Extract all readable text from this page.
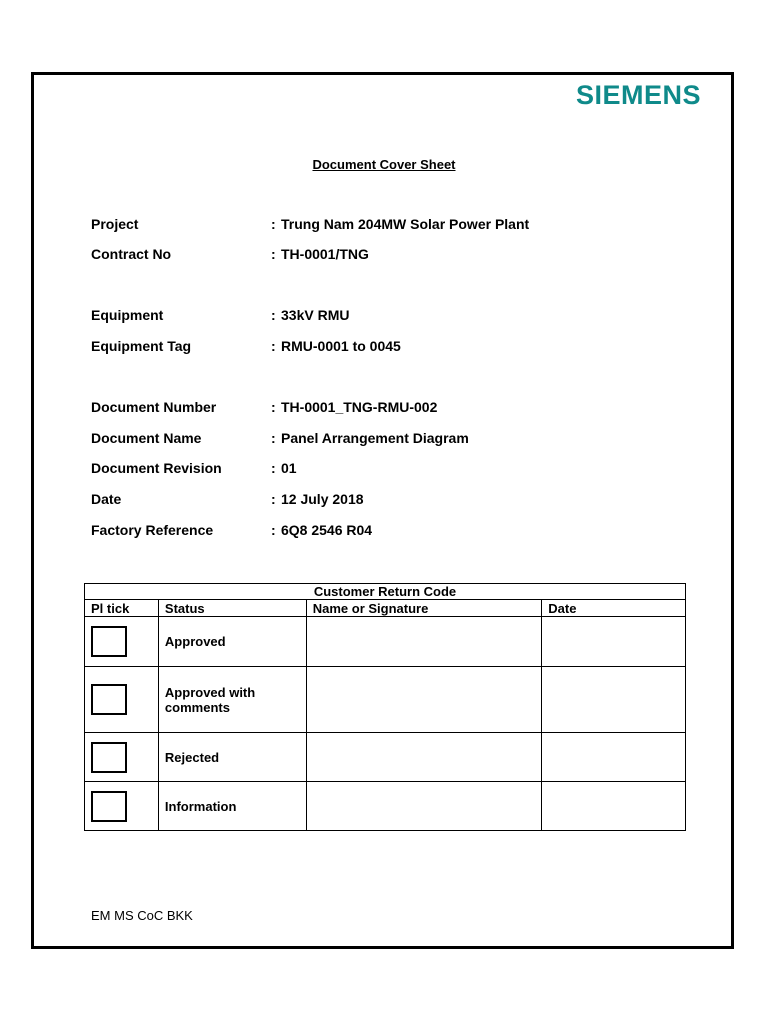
SIEMENS
Document Cover Sheet
Project	: Trung Nam 204MW Solar Power Plant
Contract No	: TH-0001/TNG
Equipment	: 33kV RMU
Equipment Tag	: RMU-0001 to 0045
Document Number	: TH-0001_TNG-RMU-002
Document Name	: Panel Arrangement Diagram
Document Revision	: 01
Date	: 12 July 2018
Factory Reference	: 6Q8 2546 R04
Customer Return Code			
Pl tick	Status	Name or Signature	Date

	Approved		

	Approved with
comments		

	Rejected		

	Information		
EM MS CoC BKK
